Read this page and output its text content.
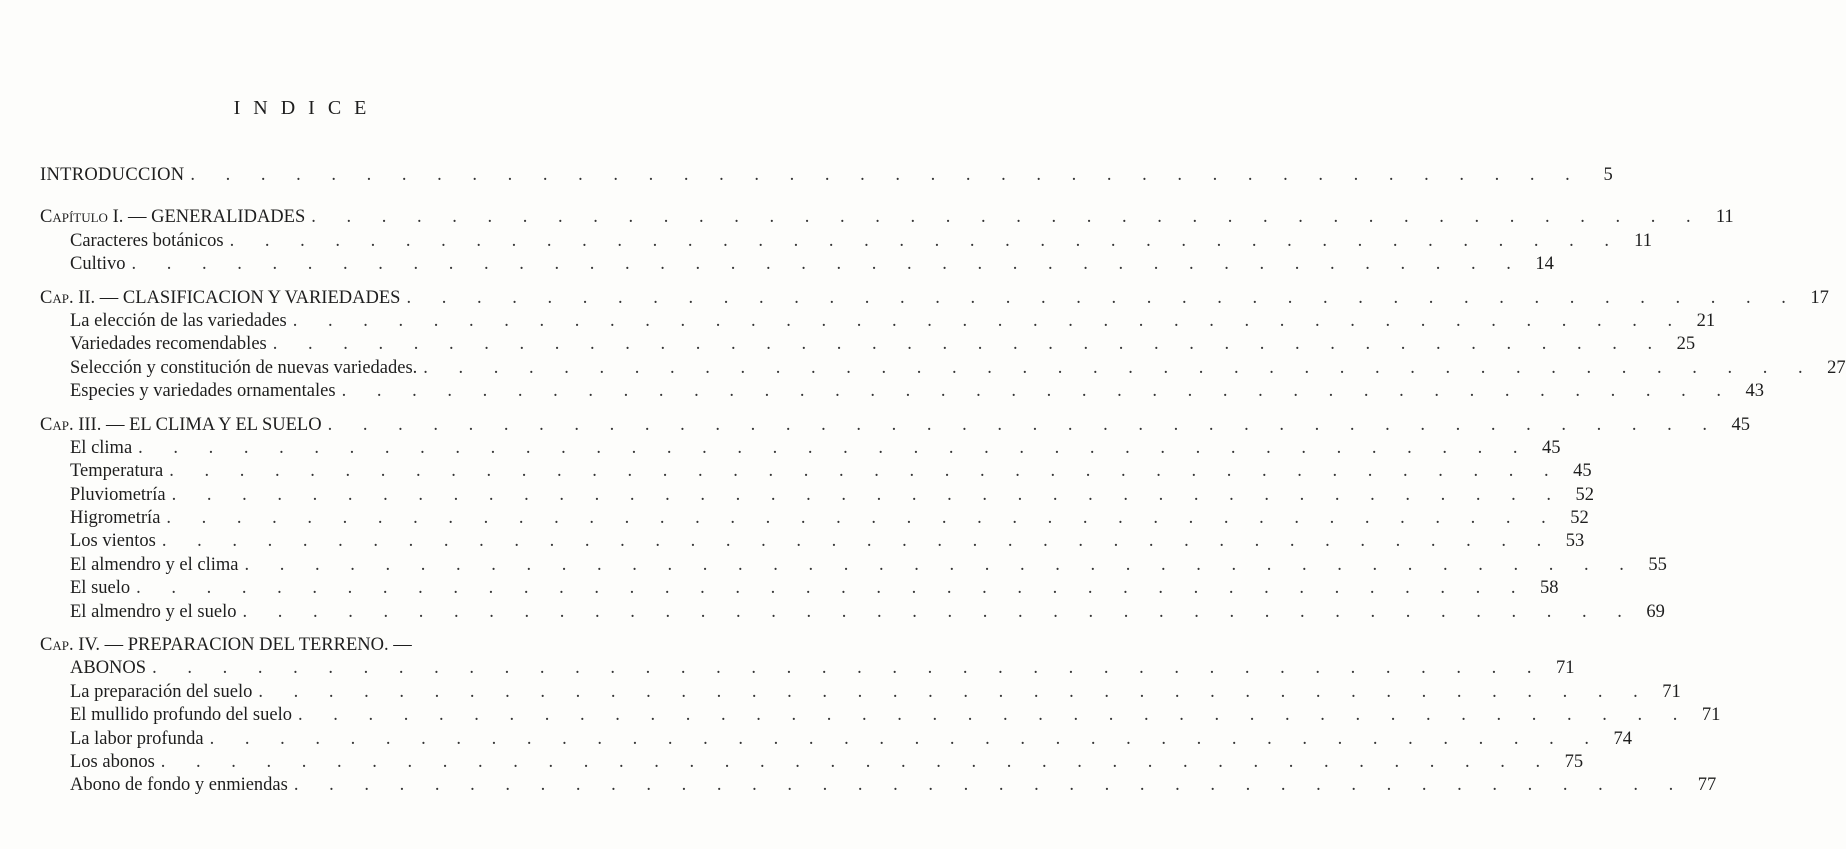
INDICE
INTRODUCCION . . . . . . . . . . . . . . . . . . . . . . . . . . . . . . . . . . . . . . . .	5
Capítulo I. — GENERALIDADES . . . . . . . . . . . . . . . . . . . . . . . . . . . . . . . . . . . . . . . . 11
Caracteres botánicos . . . . . . . . . . . . . . . . . . . . . . . . . . . . . . . . . . . . . . . . 11
Cultivo . . . . . . . . . . . . . . . . . . . . . . . . . . . . . . . . . . . . . . . . 14
Cap. II. — CLASIFICACION Y VARIEDADES . . . . . . . . . . . . . . . . . . . . . . . . . . . . . . . . . . . . . . . . 17
La elección de las variedades . . . . . . . . . . . . . . . . . . . . . . . . . . . . . . . . . . . . . . . . 21
Variedades recomendables . . . . . . . . . . . . . . . . . . . . . . . . . . . . . . . . . . . . . . . . 25
Selección y constitución de nuevas variedades. . . . . . . . . . . . . . . . . . . . . . . . . . . . . . . . . . . . . . . . . 27
Especies y variedades ornamentales . . . . . . . . . . . . . . . . . . . . . . . . . . . . . . . . . . . . . . . . 43
Cap. III. — EL CLIMA Y EL SUELO . . . . . . . . . . . . . . . . . . . . . . . . . . . . . . . . . . . . . . . . 45
El clima . . . . . . . . . . . . . . . . . . . . . . . . . . . . . . . . . . . . . . . . 45
Temperatura . . . . . . . . . . . . . . . . . . . . . . . . . . . . . . . . . . . . . . . . 45
Pluviometría . . . . . . . . . . . . . . . . . . . . . . . . . . . . . . . . . . . . . . . . 52
Higrometría . . . . . . . . . . . . . . . . . . . . . . . . . . . . . . . . . . . . . . . . 52
Los vientos . . . . . . . . . . . . . . . . . . . . . . . . . . . . . . . . . . . . . . . . 53
El almendro y el clima . . . . . . . . . . . . . . . . . . . . . . . . . . . . . . . . . . . . . . . . 55
El suelo . . . . . . . . . . . . . . . . . . . . . . . . . . . . . . . . . . . . . . . . 58
El almendro y el suelo . . . . . . . . . . . . . . . . . . . . . . . . . . . . . . . . . . . . . . . . 69
Cap. IV. — PREPARACION DEL TERRENO. —
ABONOS . . . . . . . . . . . . . . . . . . . . . . . . . . . . . . . . . . . . . . . . 71
La preparación del suelo . . . . . . . . . . . . . . . . . . . . . . . . . . . . . . . . . . . . . . . . 71
El mullido profundo del suelo . . . . . . . . . . . . . . . . . . . . . . . . . . . . . . . . . . . . . . . . 71
La labor profunda . . . . . . . . . . . . . . . . . . . . . . . . . . . . . . . . . . . . . . . . 74
Los abonos . . . . . . . . . . . . . . . . . . . . . . . . . . . . . . . . . . . . . . . . 75
Abono de fondo y enmiendas . . . . . . . . . . . . . . . . . . . . . . . . . . . . . . . . . . . . . . . . 77
